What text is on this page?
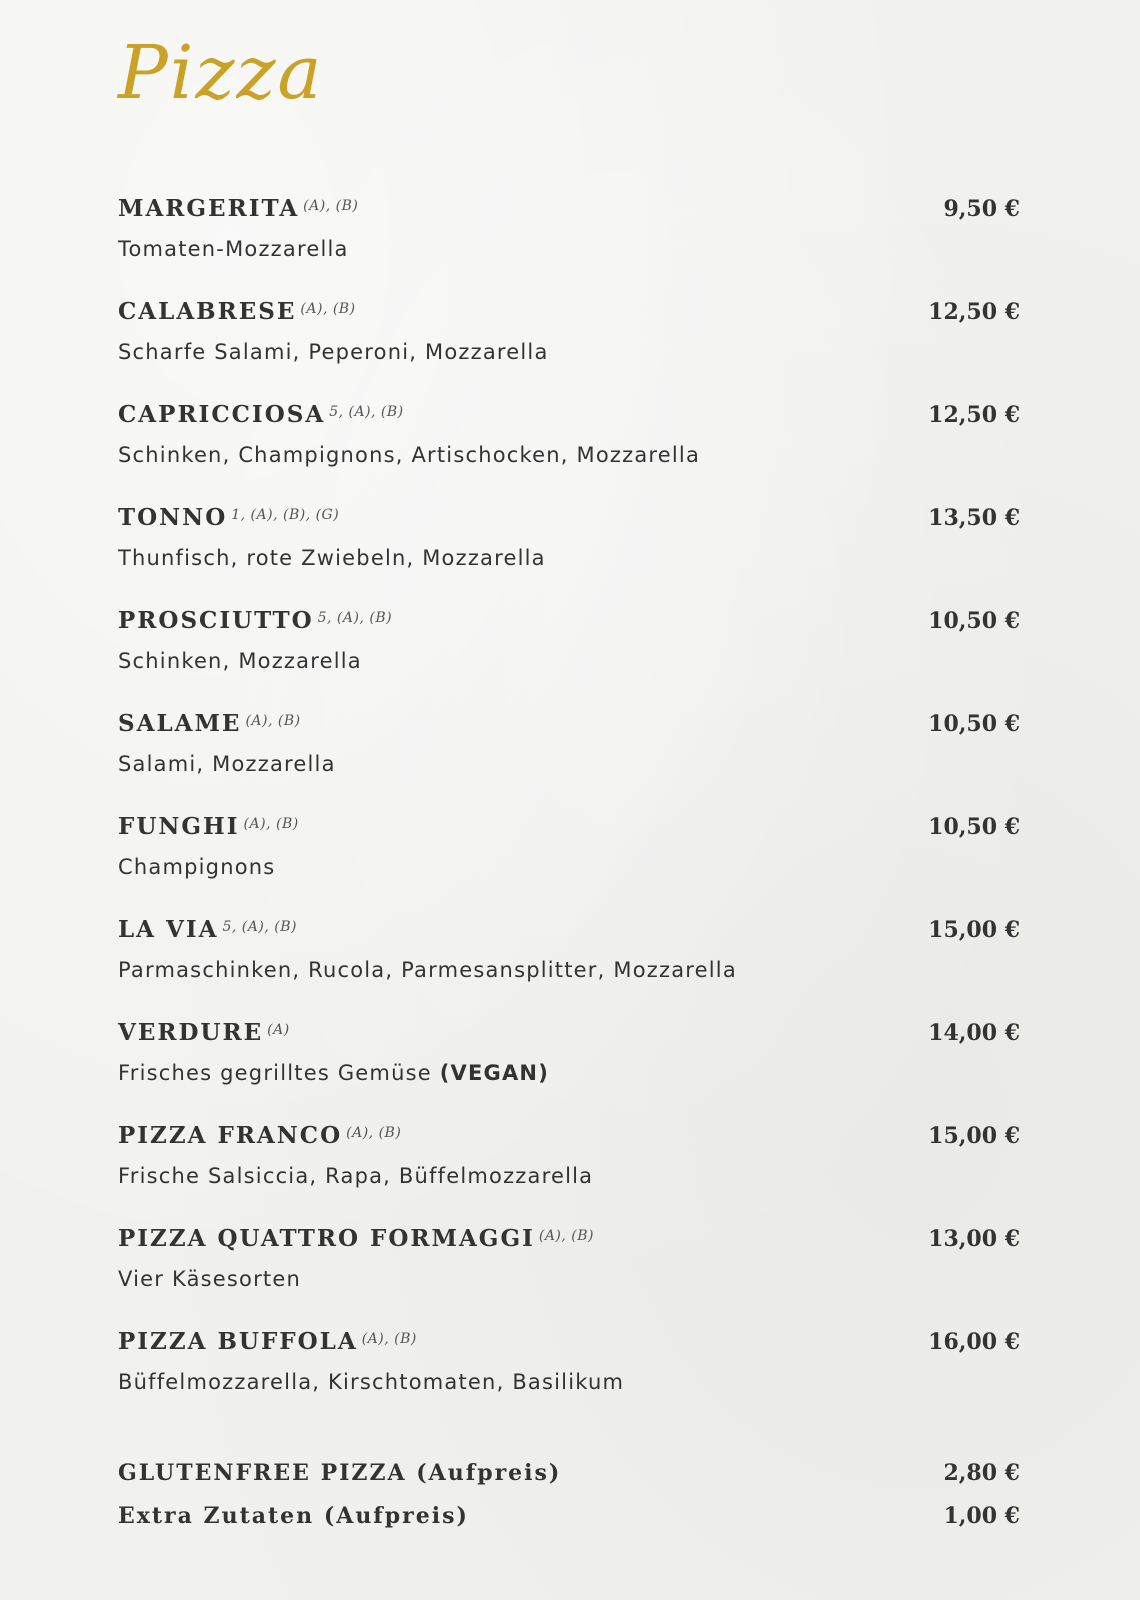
Pizza
MARGERITA (A), (B)	9,50 €
Tomaten-Mozzarella
CALABRESE (A), (B)	12,50 €
Scharfe Salami, Peperoni, Mozzarella
CAPRICCIOSA 5, (A), (B)	12,50 €
Schinken, Champignons, Artischocken, Mozzarella
TONNO 1, (A), (B), (G)	13,50 €
Thunfisch, rote Zwiebeln, Mozzarella
PROSCIUTTO 5, (A), (B)	10,50 €
Schinken, Mozzarella
SALAME (A), (B)	10,50 €
Salami, Mozzarella
FUNGHI (A), (B)	10,50 €
Champignons
LA VIA 5, (A), (B)	15,00 €
Parmaschinken, Rucola, Parmesansplitter, Mozzarella
VERDURE (A)	14,00 €
Frisches gegrilltes Gemüse (VEGAN)
PIZZA FRANCO (A), (B)	15,00 €
Frische Salsiccia, Rapa, Büffelmozzarella
PIZZA QUATTRO FORMAGGI (A), (B)	13,00 €
Vier Käsesorten
PIZZA BUFFOLA (A), (B)	16,00 €
Büffelmozzarella, Kirschtomaten, Basilikum
GLUTENFREE PIZZA (Aufpreis)	2,80 €
Extra Zutaten (Aufpreis)	1,00 €
